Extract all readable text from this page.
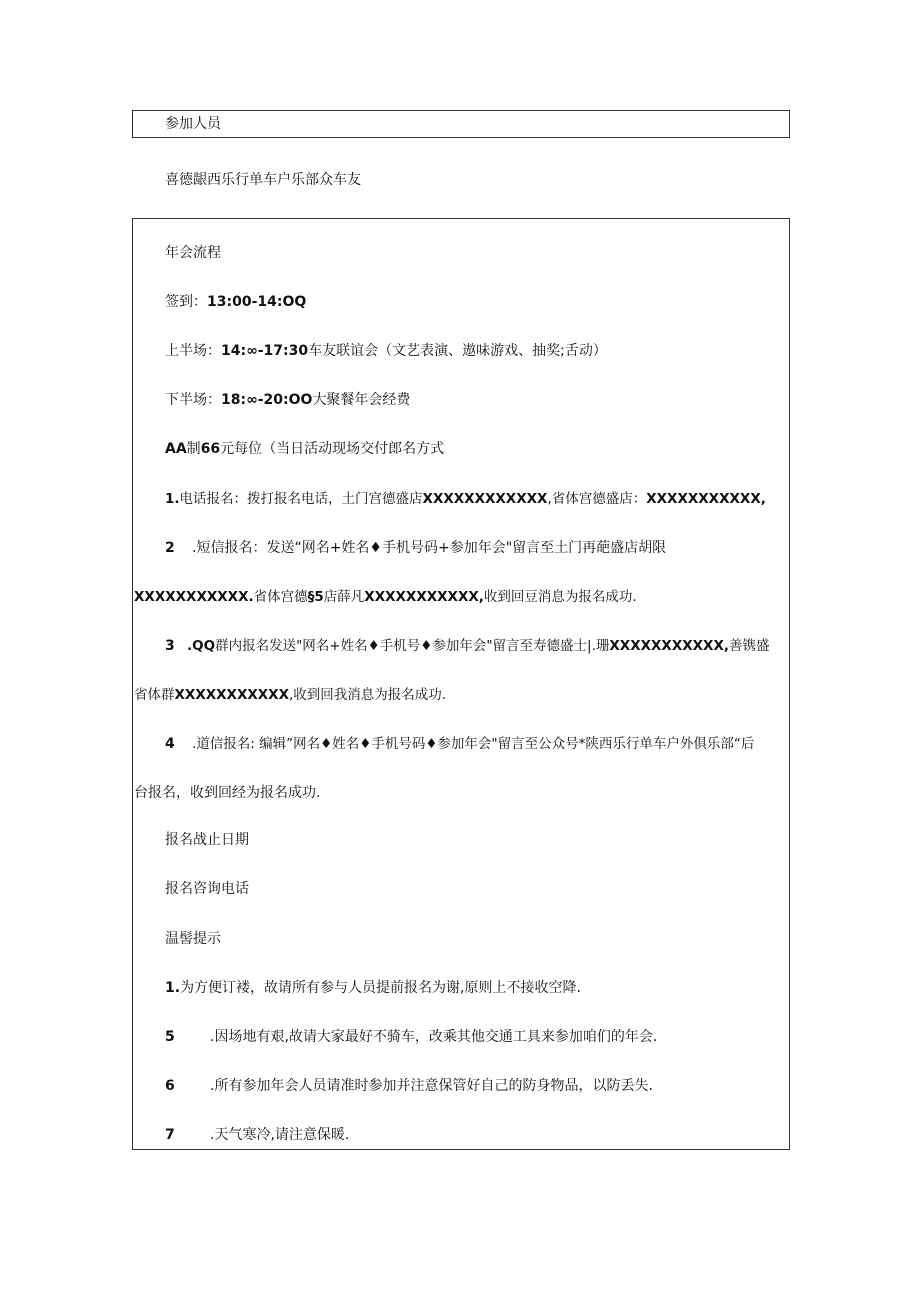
参加人员
喜德龈西乐行单车户乐部众车友
年会流程
签到：13:00-14:OQ
上半场：14:∞-17:30车友联谊会（文艺表演、遨味游戏、抽奖;舌动）
下半场：18:∞-20:OO大聚餐年会经费
AA制66元每位（当日活动现场交付郎名方式
1.电话报名：拨打报名电话，土门宫德盛店XXXXXXXXXXXX,省体宫德盛店：XXXXXXXXXXX,
2 .短信报名：发送“网名+姓名♦手机号码+参加年会"留言至土门再葩盛店胡限
XXXXXXXXXXX.省体宫德§5店薛凡XXXXXXXXXXX,收到回豆消息为报名成功.
3 .QQ群内报名发送"网名+姓名♦手机号♦参加年会"留言至寿德盛士|.珊XXXXXXXXXXX,善镌盛
省体群XXXXXXXXXXX,收到回我消息为报名成功.
4 .道信报名: 编辑”网名♦姓名♦手机号码♦参加年会"留言至公众号*陕西乐行单车户外俱乐部“后
台报名，收到回经为报名成功.
报名战止日期
报名咨询电话
温髻提示
1.为方便订褛，故请所有参与人员提前报名为谢,原则上不接收空降.
5	.因场地有艰,故请大家最好不骑车，改乘其他交通工具来参加咱们的年会.
6	.所有参加年会人员请准时参加并注意保管好自己的防身物品，以防丢失.
7	.天气寒冷,请注意保暖.
